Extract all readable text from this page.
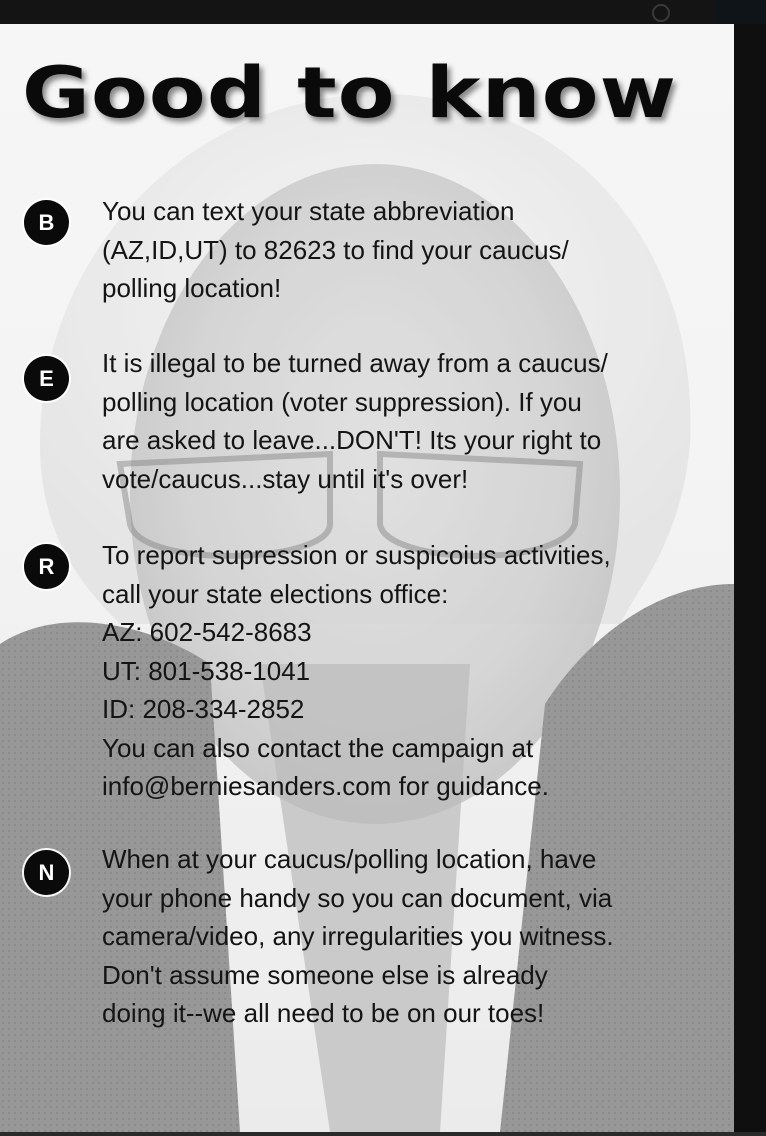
Good to know
B	You can text your state abbreviation
(AZ,ID,UT) to 82623 to find your caucus/
polling location!
E	It is illegal to be turned away from a caucus/
polling location (voter suppression). If you
are asked to leave...DON'T! Its your right to
vote/caucus...stay until it's over!
R	To report supression or suspicoius activities,
call your state elections office:
AZ: 602-542-8683
UT: 801-538-1041
ID: 208-334-2852
You can also contact the campaign at
info@berniesanders.com for guidance.
N	When at your caucus/polling location, have
your phone handy so you can document, via
camera/video, any irregularities you witness.
Don't assume someone else is already
doing it--we all need to be on our toes!
